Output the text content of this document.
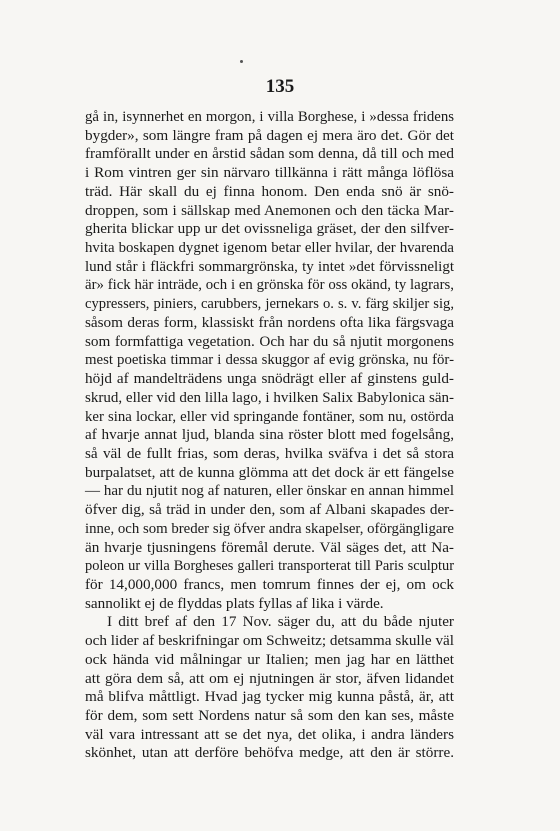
135
gå in, isynnerhet en morgon, i villa Borghese, i »dessa fridens
bygder», som längre fram på dagen ej mera äro det. Gör det
framförallt under en årstid sådan som denna, då till och med
i Rom vintren ger sin närvaro tillkänna i rätt många löflösa
träd. Här skall du ej finna honom. Den enda snö är snö-
droppen, som i sällskap med Anemonen och den täcka Mar-
gherita blickar upp ur det ovissneliga gräset, der den silfver-
hvita boskapen dygnet igenom betar eller hvilar, der hvarenda
lund står i fläckfri sommargrönska, ty intet »det förvissneligt
är» fick här inträde, och i en grönska för oss okänd, ty lagrars,
cypressers, piniers, carubbers, jernekars o. s. v. färg skiljer sig,
såsom deras form, klassiskt från nordens ofta lika färgsvaga
som formfattiga vegetation. Och har du så njutit morgonens
mest poetiska timmar i dessa skuggor af evig grönska, nu för-
höjd af mandelträdens unga snödrägt eller af ginstens guld-
skrud, eller vid den lilla lago, i hvilken Salix Babylonica sän-
ker sina lockar, eller vid springande fontäner, som nu, ostörda
af hvarje annat ljud, blanda sina röster blott med fogelsång,
så väl de fullt frias, som deras, hvilka sväfva i det så stora
burpalatset, att de kunna glömma att det dock är ett fängelse
— har du njutit nog af naturen, eller önskar en annan himmel
öfver dig, så träd in under den, som af Albani skapades der-
inne, och som breder sig öfver andra skapelser, oförgängligare
än hvarje tjusningens föremål derute. Väl säges det, att Na-
poleon ur villa Borgheses galleri transporterat till Paris sculptur
för 14,000,000 francs, men tomrum finnes der ej, om ock
sannolikt ej de flyddas plats fyllas af lika i värde.
I ditt bref af den 17 Nov. säger du, att du både njuter
och lider af beskrifningar om Schweitz; detsamma skulle väl
ock hända vid målningar ur Italien; men jag har en lätthet
att göra dem så, att om ej njutningen är stor, äfven lidandet
må blifva måttligt. Hvad jag tycker mig kunna påstå, är, att
för dem, som sett Nordens natur så som den kan ses, måste
väl vara intressant att se det nya, det olika, i andra länders
skönhet, utan att derföre behöfva medge, att den är större.
